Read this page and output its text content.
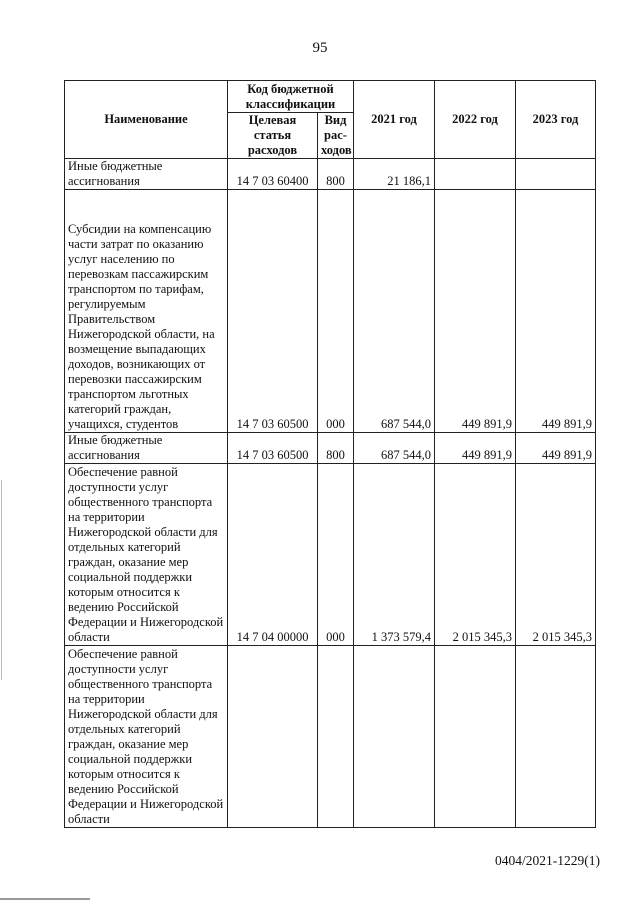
95
Наименование	Код бюджетной классификации		2021 год	2022 год	2023 год
	Целевая статья расходов	Вид рас-ходов			
Иные бюджетные ассигнования	14 7 03 60400	800	21 186,1		
Субсидии на компенсацию части затрат по оказанию услуг населению по перевозкам пассажирским транспортом по тарифам, регулируемым Правительством Нижегородской области, на возмещение выпадающих доходов, возникающих от перевозки пассажирским транспортом льготных категорий граждан, учащихся, студентов	14 7 03 60500	000	687 544,0	449 891,9	449 891,9
Иные бюджетные ассигнования	14 7 03 60500	800	687 544,0	449 891,9	449 891,9
Обеспечение равной доступности услуг общественного транспорта на территории Нижегородской области для отдельных категорий граждан, оказание мер социальной поддержки которым относится к ведению Российской Федерации и Нижегородской области	14 7 04 00000	000	1 373 579,4	2 015 345,3	2 015 345,3
Обеспечение равной доступности услуг общественного транспорта на территории Нижегородской области для отдельных категорий граждан, оказание мер социальной поддержки которым относится к ведению Российской Федерации и Нижегородской области					
0404/2021-1229(1)
